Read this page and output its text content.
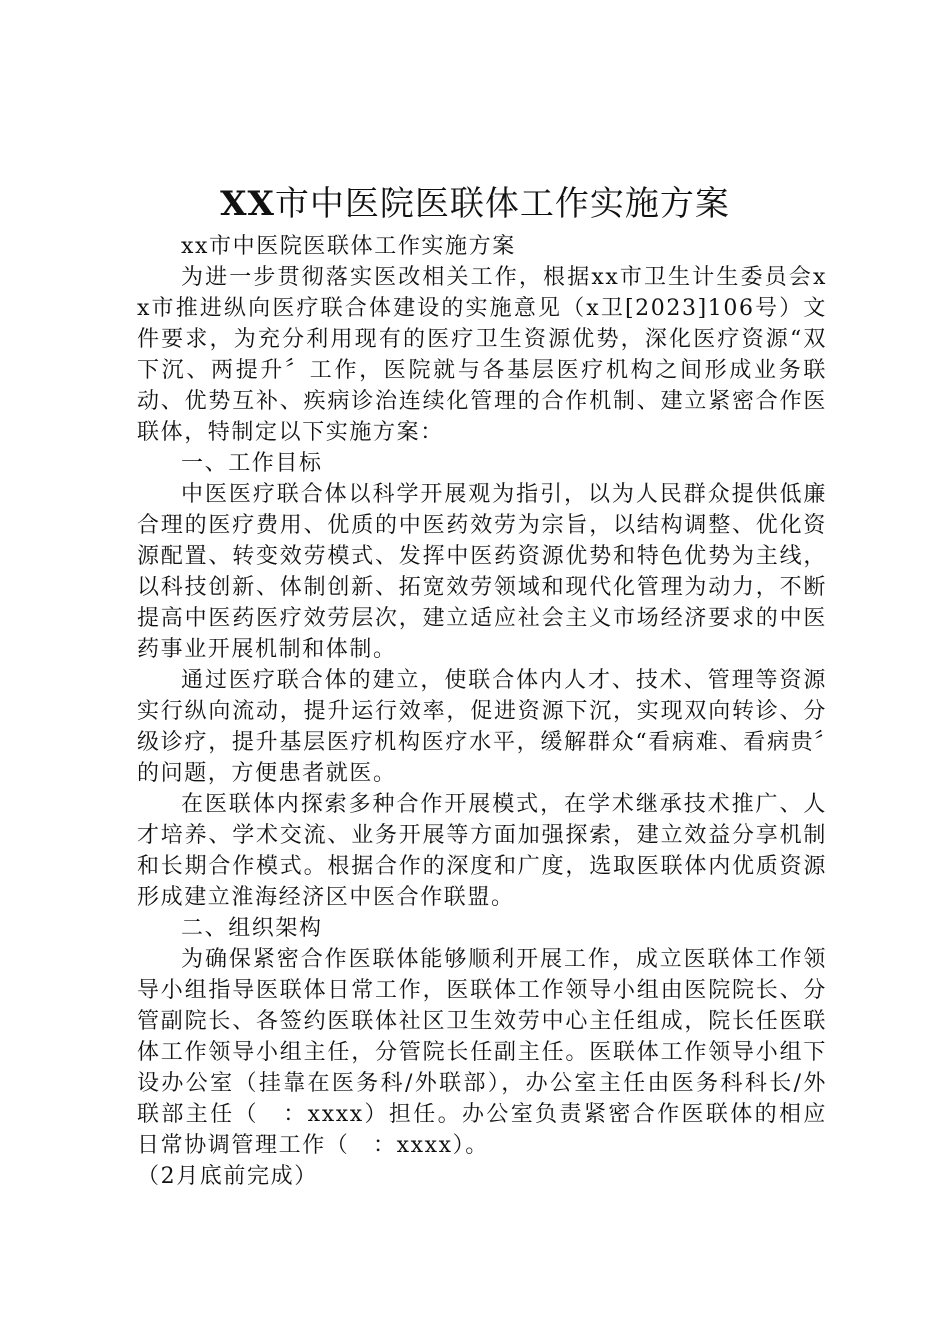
XX市中医院医联体工作实施方案

xx市中医院医联体工作实施方案

为进一步贯彻落实医改相关工作，根据xx市卫生计生委员会xx市推进纵向医疗联合体建设的实施意见（x卫[2023]106号）文件要求，为充分利用现有的医疗卫生资源优势，深化医疗资源“双下沉、两提升〞工作，医院就与各基层医疗机构之间形成业务联动、优势互补、疾病诊治连续化管理的合作机制、建立紧密合作医联体，特制定以下实施方案：

一、工作目标

中医医疗联合体以科学开展观为指引，以为人民群众提供低廉合理的医疗费用、优质的中医药效劳为宗旨，以结构调整、优化资源配置、转变效劳模式、发挥中医药资源优势和特色优势为主线，以科技创新、体制创新、拓宽效劳领域和现代化管理为动力，不断提高中医药医疗效劳层次，建立适应社会主义市场经济要求的中医药事业开展机制和体制。

通过医疗联合体的建立，使联合体内人才、技术、管理等资源实行纵向流动，提升运行效率，促进资源下沉，实现双向转诊、分级诊疗，提升基层医疗机构医疗水平，缓解群众“看病难、看病贵〞的问题，方便患者就医。

在医联体内探索多种合作开展模式，在学术继承技术推广、人才培养、学术交流、业务开展等方面加强探索，建立效益分享机制和长期合作模式。根据合作的深度和广度，选取医联体内优质资源形成建立淮海经济区中医合作联盟。

二、组织架构

为确保紧密合作医联体能够顺利开展工作，成立医联体工作领导小组指导医联体日常工作，医联体工作领导小组由医院院长、分管副院长、各签约医联体社区卫生效劳中心主任组成，院长任医联体工作领导小组主任，分管院长任副主任。医联体工作领导小组下设办公室（挂靠在医务科/外联部），办公室主任由医务科科长/外联部主任（　：xxxx）担任。办公室负责紧密合作医联体的相应日常协调管理工作（　：xxxx）。

（2月底前完成）
